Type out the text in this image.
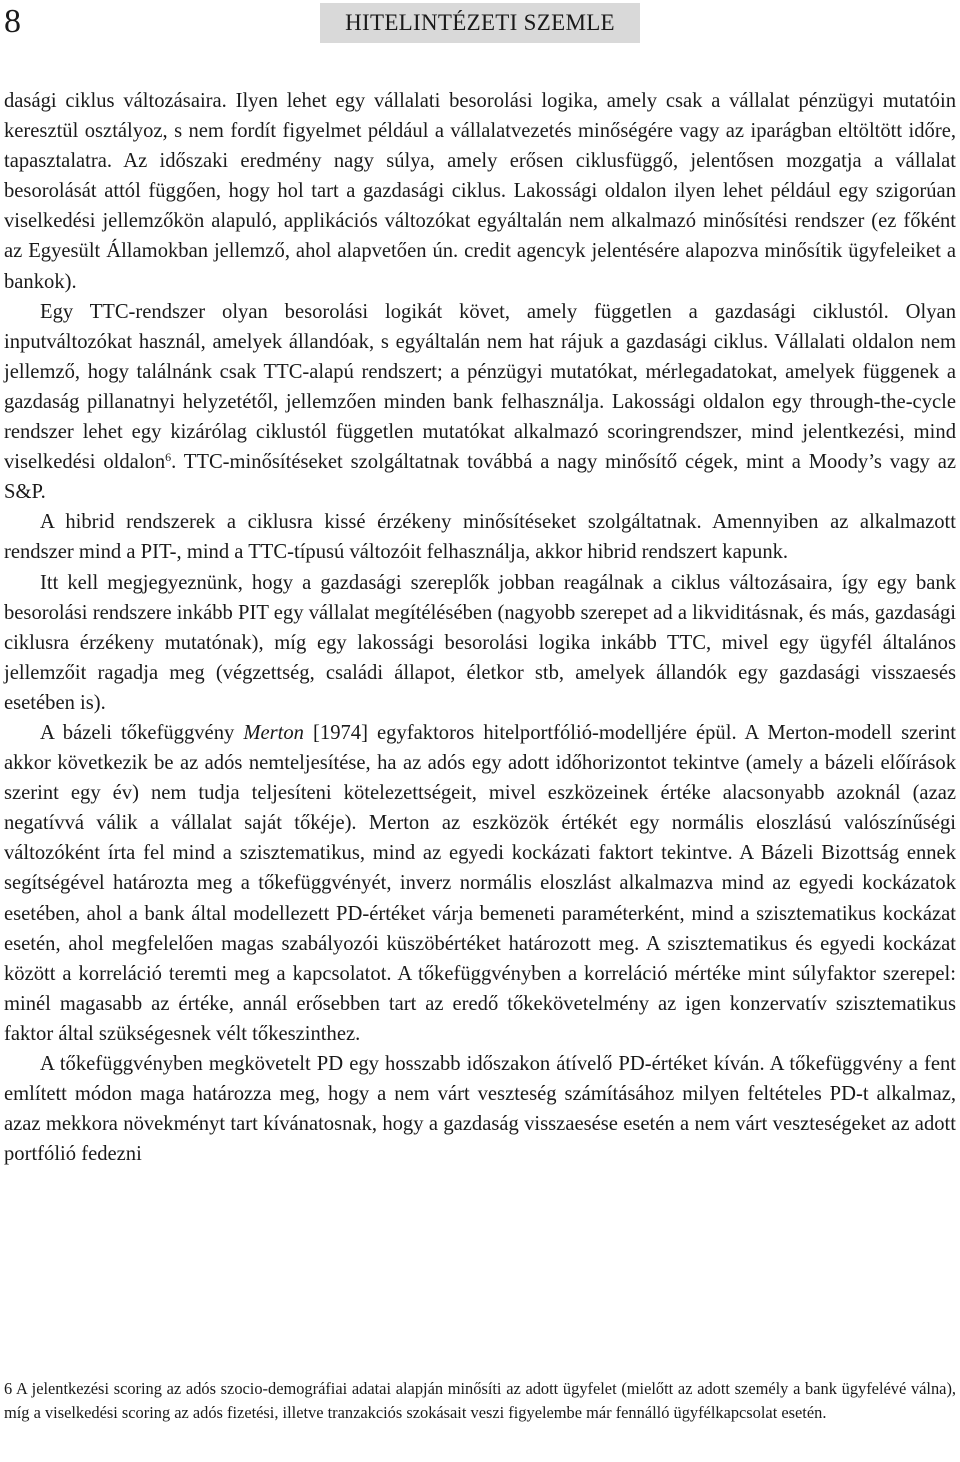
8	HITELINTÉZETI SZEMLE

dasági ciklus változásaira. Ilyen lehet egy vállalati besorolási logika, amely csak a vállalat pénzügyi mutatóin keresztül osztályoz, s nem fordít figyelmet például a vállalatvezetés minőségére vagy az iparágban eltöltött időre, tapasztalatra. Az időszaki eredmény nagy súlya, amely erősen ciklusfüggő, jelentősen mozgatja a vállalat besorolását attól függően, hogy hol tart a gazdasági ciklus. Lakossági oldalon ilyen lehet például egy szigorúan viselkedési jellemzőkön alapuló, applikációs változókat egyáltalán nem alkalmazó minősítési rendszer (ez főként az Egyesült Államokban jellemző, ahol alapvetően ún. credit agencyk jelentésére alapozva minősítik ügyfeleiket a bankok).

Egy TTC-rendszer olyan besorolási logikát követ, amely független a gazdasági ciklustól. Olyan inputváltozókat használ, amelyek állandóak, s egyáltalán nem hat rájuk a gazdasági ciklus. Vállalati oldalon nem jellemző, hogy találnánk csak TTC-alapú rendszert; a pénzügyi mutatókat, mérlegadatokat, amelyek függenek a gazdaság pillanatnyi helyzetétől, jellemzően minden bank felhasználja. Lakossági oldalon egy through-the-cycle rendszer lehet egy kizárólag ciklustól független mutatókat alkalmazó scoringrendszer, mind jelentkezési, mind viselkedési oldalon$^6$. TTC-minősítéseket szolgáltatnak továbbá a nagy minősítő cégek, mint a Moody’s vagy az S&P.

A hibrid rendszerek a ciklusra kissé érzékeny minősítéseket szolgáltatnak. Amennyiben az alkalmazott rendszer mind a PIT-, mind a TTC-típusú változóit felhasználja, akkor hibrid rendszert kapunk.

Itt kell megjegyeznünk, hogy a gazdasági szereplők jobban reagálnak a ciklus változásaira, így egy bank besorolási rendszere inkább PIT egy vállalat megítélésében (nagyobb szerepet ad a likviditásnak, és más, gazdasági ciklusra érzékeny mutatónak), míg egy lakossági besorolási logika inkább TTC, mivel egy ügyfél általános jellemzőit ragadja meg (végzettség, családi állapot, életkor stb, amelyek állandók egy gazdasági visszaesés esetében is).

A bázeli tőkefüggvény Merton [1974] egyfaktoros hitelportfólió-modelljére épül. A Merton-modell szerint akkor következik be az adós nemteljesítése, ha az adós egy adott időhorizontot tekintve (amely a bázeli előírások szerint egy év) nem tudja teljesíteni kötelezettségeit, mivel eszközeinek értéke alacsonyabb azoknál (azaz negatívvá válik a vállalat saját tőkéje). Merton az eszközök értékét egy normális eloszlású valószínűségi változóként írta fel mind a szisztematikus, mind az egyedi kockázati faktort tekintve. A Bázeli Bizottság ennek segítségével határozta meg a tőkefüggvényét, inverz normális eloszlást alkalmazva mind az egyedi kockázatok esetében, ahol a bank által modellezett PD-értéket várja bemeneti paraméterként, mind a szisztematikus kockázat esetén, ahol megfelelően magas szabályozói küszöbértéket határozott meg. A szisztematikus és egyedi kockázat között a korreláció teremti meg a kapcsolatot. A tőkefüggvényben a korreláció mértéke mint súlyfaktor szerepel: minél magasabb az értéke, annál erősebben tart az eredő tőkekövetelmény az igen konzervatív szisztematikus faktor által szükségesnek vélt tőkeszinthez.

A tőkefüggvényben megkövetelt PD egy hosszabb időszakon átívelő PD-értéket kíván. A tőkefüggvény a fent említett módon maga határozza meg, hogy a nem várt veszteség számításához milyen feltételes PD-t alkalmaz, azaz mekkora növekményt tart kívánatosnak, hogy a gazdaság visszaesése esetén a nem várt veszteségeket az adott portfólió fedezni

6 A jelentkezési scoring az adós szocio-demográfiai adatai alapján minősíti az adott ügyfelet (mielőtt az adott személy a bank ügyfelévé válna), míg a viselkedési scoring az adós fizetési, illetve tranzakciós szokásait veszi figyelembe már fennálló ügyfélkapcsolat esetén.
